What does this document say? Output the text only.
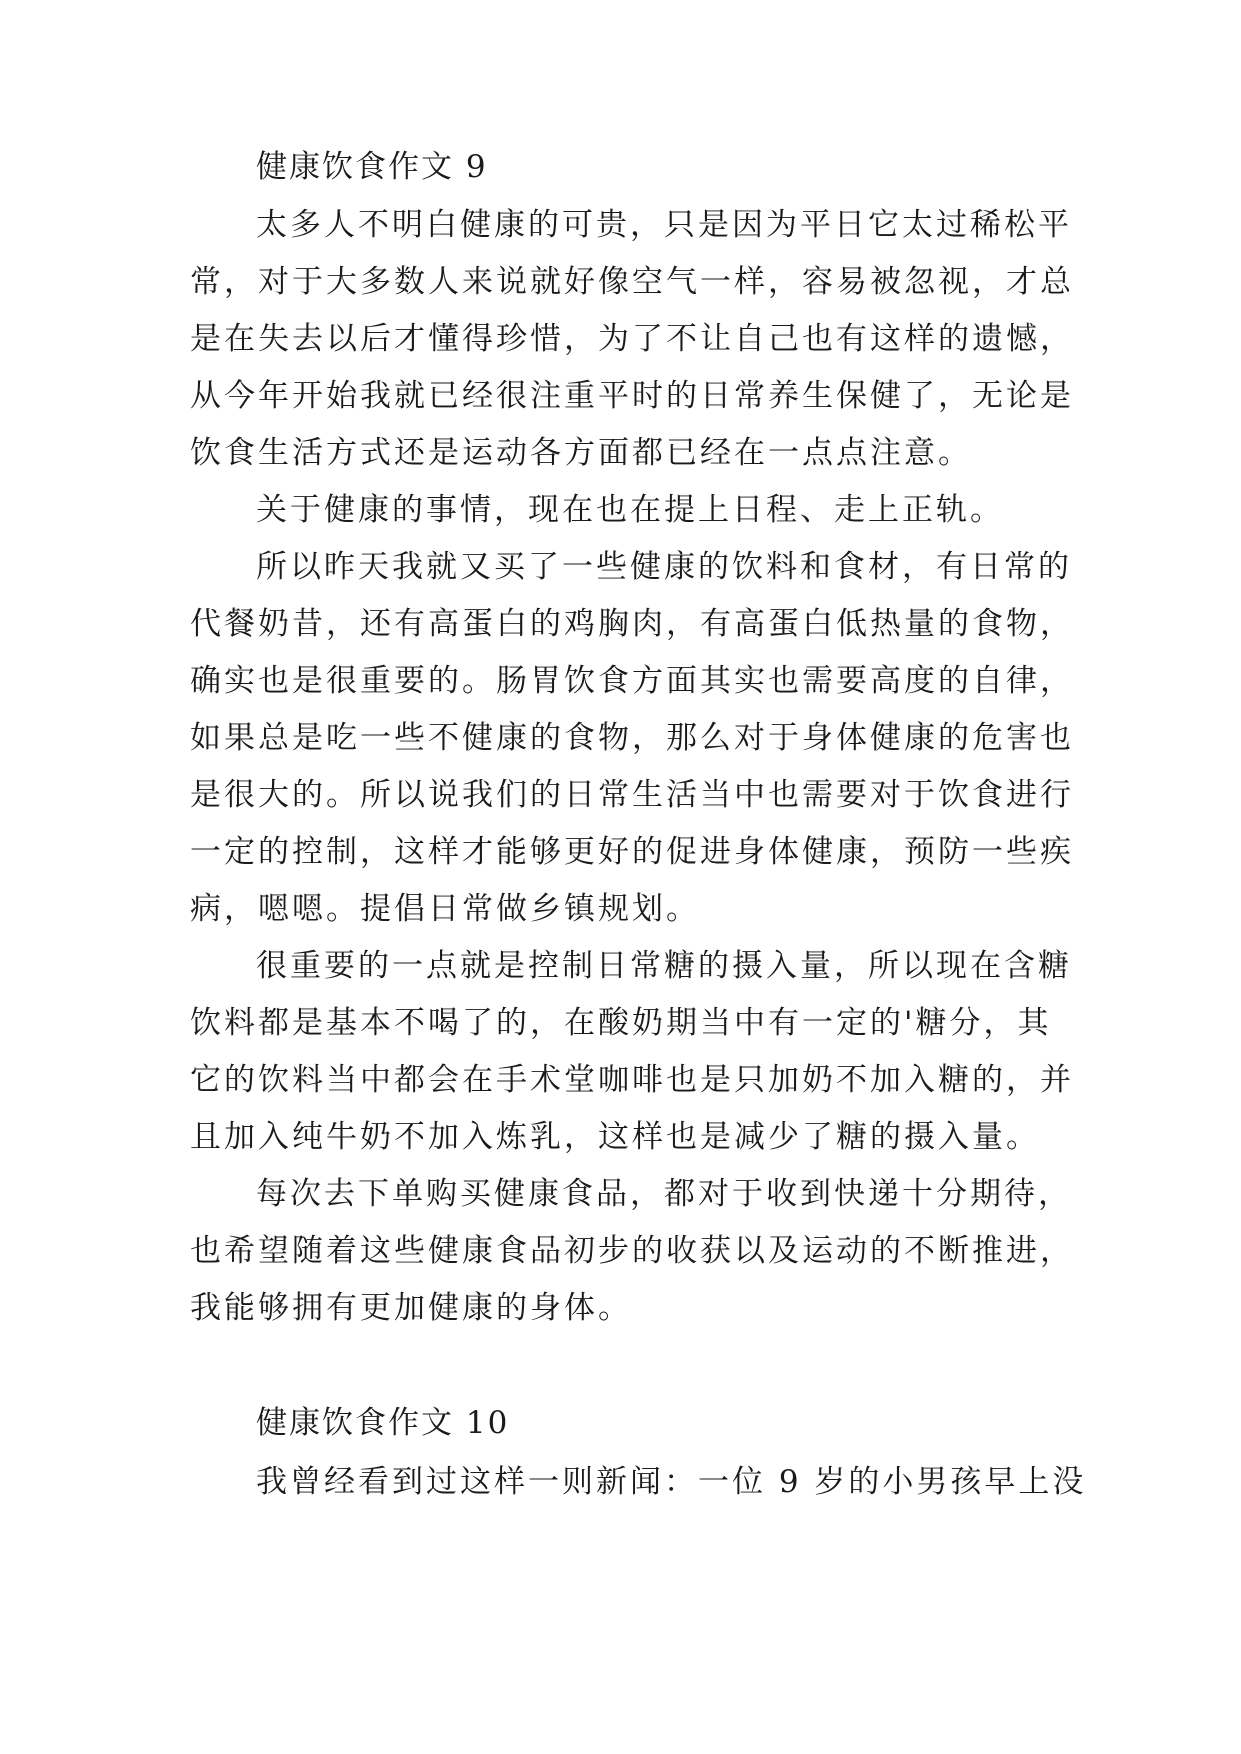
健康饮食作文 9

太多人不明白健康的可贵，只是因为平日它太过稀松平

常，对于大多数人来说就好像空气一样，容易被忽视，才总

是在失去以后才懂得珍惜，为了不让自己也有这样的遗憾，

从今年开始我就已经很注重平时的日常养生保健了，无论是

饮食生活方式还是运动各方面都已经在一点点注意。

关于健康的事情，现在也在提上日程、走上正轨。

所以昨天我就又买了一些健康的饮料和食材，有日常的

代餐奶昔，还有高蛋白的鸡胸肉，有高蛋白低热量的食物，

确实也是很重要的。肠胃饮食方面其实也需要高度的自律，

如果总是吃一些不健康的食物，那么对于身体健康的危害也

是很大的。所以说我们的日常生活当中也需要对于饮食进行

一定的控制，这样才能够更好的促进身体健康，预防一些疾

病，嗯嗯。提倡日常做乡镇规划。

很重要的一点就是控制日常糖的摄入量，所以现在含糖

饮料都是基本不喝了的，在酸奶期当中有一定的'糖分，其

它的饮料当中都会在手术堂咖啡也是只加奶不加入糖的，并

且加入纯牛奶不加入炼乳，这样也是减少了糖的摄入量。

每次去下单购买健康食品，都对于收到快递十分期待，

也希望随着这些健康食品初步的收获以及运动的不断推进，

我能够拥有更加健康的身体。

健康饮食作文 10

我曾经看到过这样一则新闻：一位 9 岁的小男孩早上没
